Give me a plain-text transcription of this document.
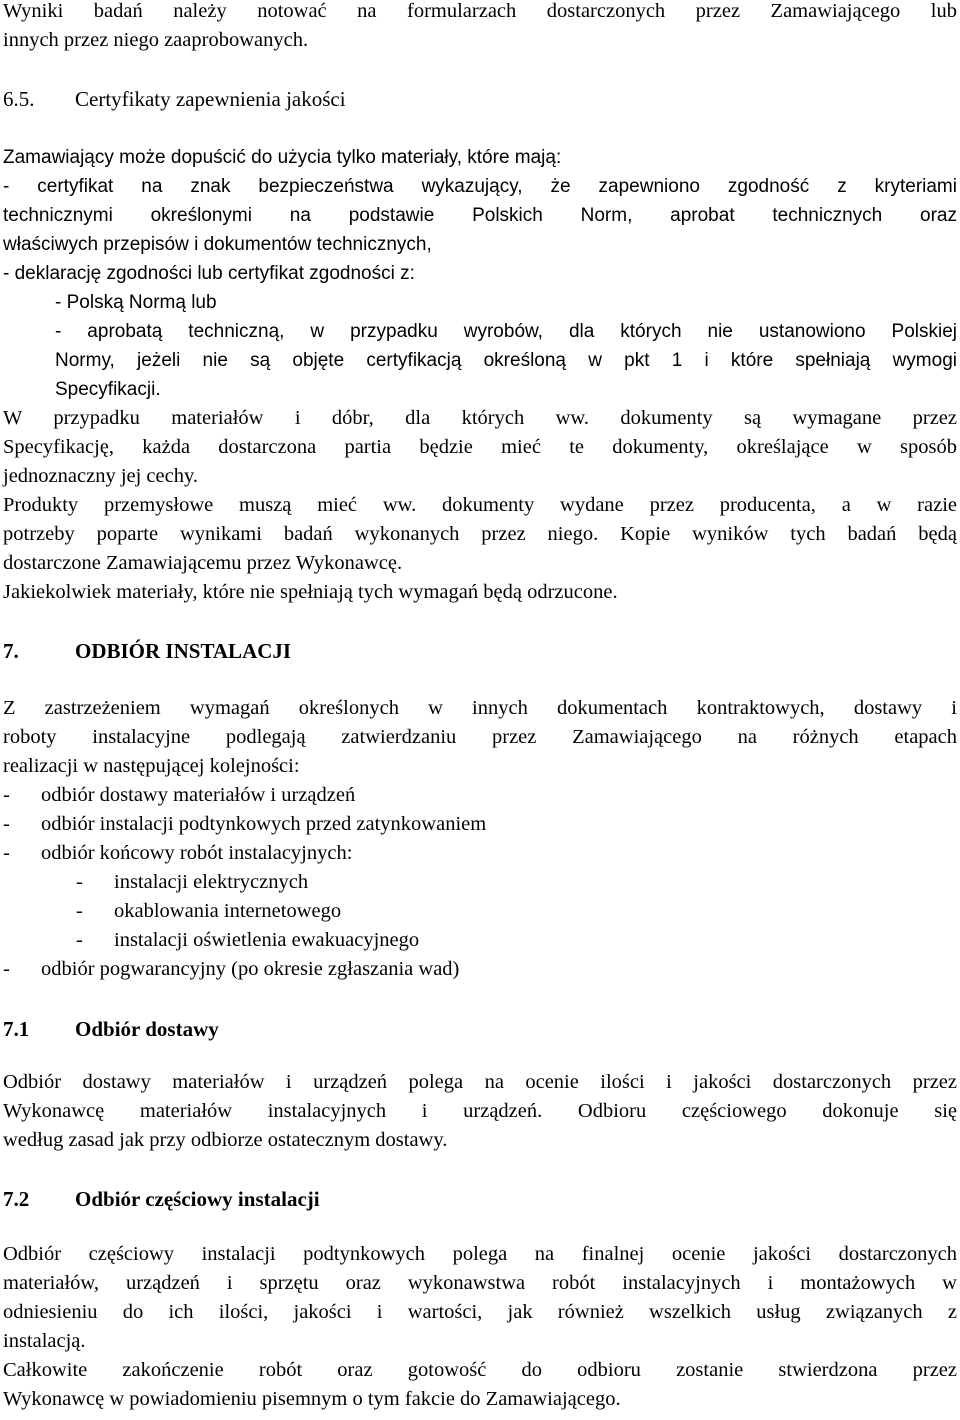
Wyniki badań należy notować na formularzach dostarczonych przez Zamawiającego lub
innych przez niego zaaprobowanych.
6.5. Certyfikaty zapewnienia jakości
Zamawiający może dopuścić do użycia tylko materiały, które mają:
- certyfikat na znak bezpieczeństwa wykazujący, że zapewniono zgodność z kryteriami
technicznymi określonymi na podstawie Polskich Norm, aprobat technicznych oraz
właściwych przepisów i dokumentów technicznych,
- deklarację zgodności lub certyfikat zgodności z:
- Polską Normą lub
- aprobatą techniczną, w przypadku wyrobów, dla których nie ustanowiono Polskiej
Normy, jeżeli nie są objęte certyfikacją określoną w pkt 1 i które spełniają wymogi
Specyfikacji.
W przypadku materiałów i dóbr, dla których ww. dokumenty są wymagane przez
Specyfikację, każda dostarczona partia będzie mieć te dokumenty, określające w sposób
jednoznaczny jej cechy.
Produkty przemysłowe muszą mieć ww. dokumenty wydane przez producenta, a w razie
potrzeby poparte wynikami badań wykonanych przez niego. Kopie wyników tych badań będą
dostarczone Zamawiającemu przez Wykonawcę.
Jakiekolwiek materiały, które nie spełniają tych wymagań będą odrzucone.
7.	ODBIÓR INSTALACJI
Z zastrzeżeniem wymagań określonych w innych dokumentach kontraktowych, dostawy i
roboty instalacyjne podlegają zatwierdzaniu przez Zamawiającego na różnych etapach
realizacji w następującej kolejności:
- odbiór dostawy materiałów i urządzeń
- odbiór instalacji podtynkowych przed zatynkowaniem
- odbiór końcowy robót instalacyjnych:
- instalacji elektrycznych
- okablowania internetowego
- instalacji oświetlenia ewakuacyjnego
- odbiór pogwarancyjny (po okresie zgłaszania wad)
7.1 Odbiór dostawy
Odbiór dostawy materiałów i urządzeń polega na ocenie ilości i jakości dostarczonych przez
Wykonawcę materiałów instalacyjnych i urządzeń. Odbioru częściowego dokonuje się
według zasad jak przy odbiorze ostatecznym dostawy.
7.2 Odbiór częściowy instalacji
Odbiór częściowy instalacji podtynkowych polega na finalnej ocenie jakości dostarczonych
materiałów, urządzeń i sprzętu oraz wykonawstwa robót instalacyjnych i montażowych w
odniesieniu do ich ilości, jakości i wartości, jak również wszelkich usług związanych z
instalacją.
Całkowite zakończenie robót oraz gotowość do odbioru zostanie stwierdzona przez
Wykonawcę w powiadomieniu pisemnym o tym fakcie do Zamawiającego.
